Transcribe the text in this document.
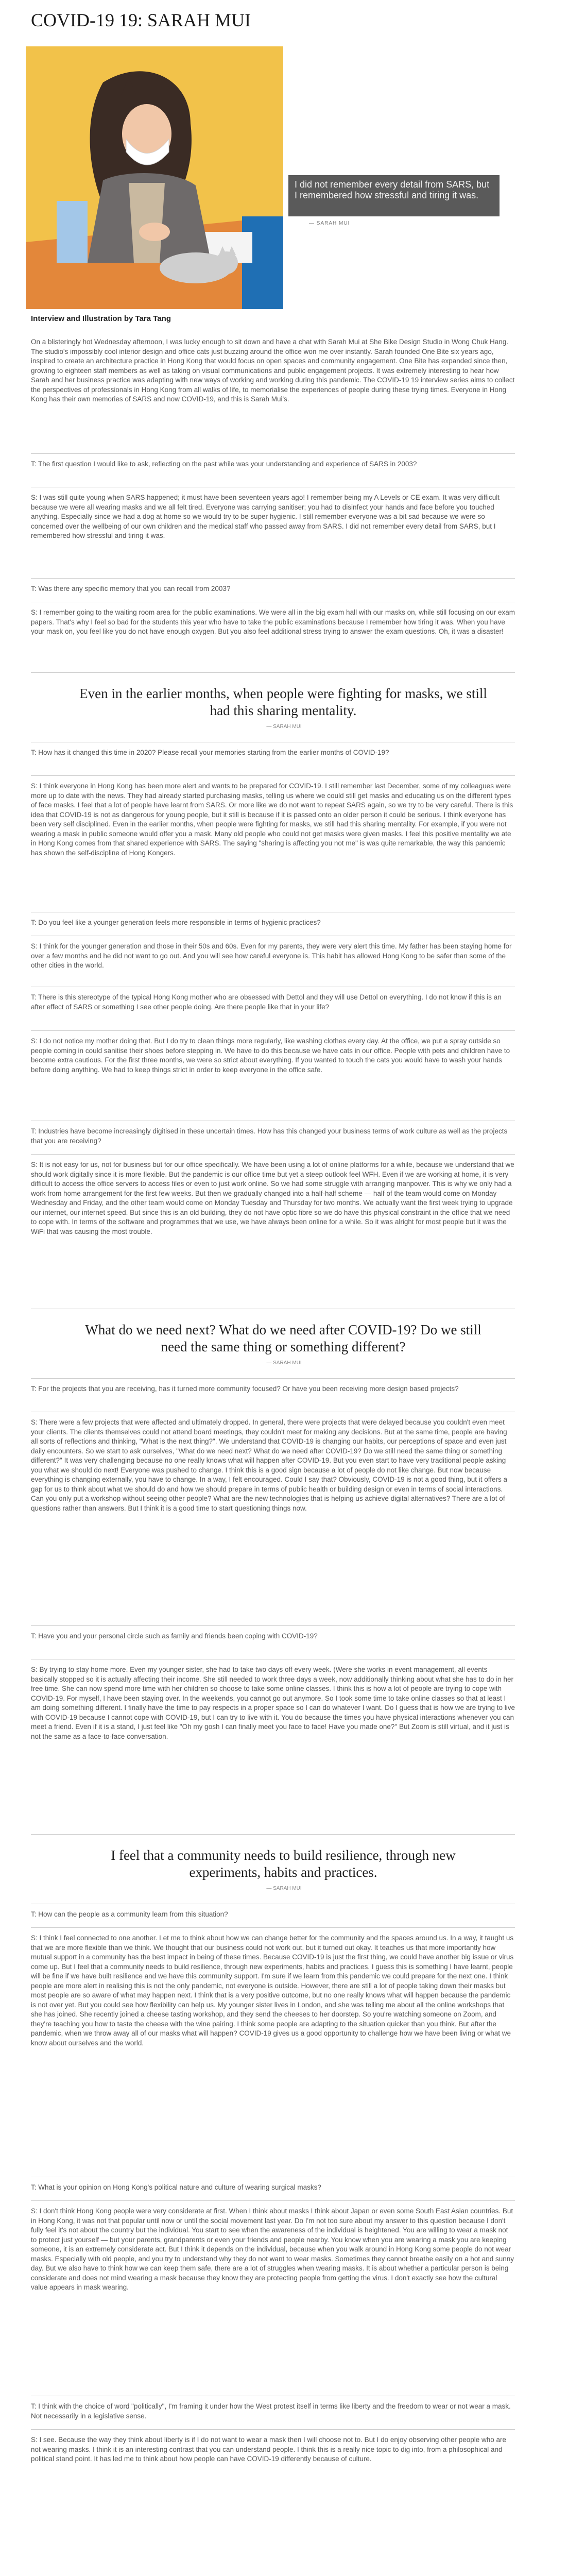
COVID-19 19: SARAH MUI
I did not remember every detail from SARS, but I remembered how stressful and tiring it was.
— SARAH MUI
Interview and Illustration by Tara Tang

On a blisteringly hot Wednesday afternoon, I was lucky enough to sit down and have a chat with Sarah Mui at She Bike Design Studio in Wong Chuk Hang. The studio's impossibly cool interior design and office cats just buzzing around the office won me over instantly. Sarah founded One Bite six years ago, inspired to create an architecture practice in Hong Kong that would focus on open spaces and community engagement. One Bite has expanded since then, growing to eighteen staff members as well as taking on visual communications and public engagement projects. It was extremely interesting to hear how Sarah and her business practice was adapting with new ways of working and working during this pandemic. The COVID-19 19 interview series aims to collect the perspectives of professionals in Hong Kong from all walks of life, to memorialise the experiences of people during these trying times. Everyone in Hong Kong has their own memories of SARS and now COVID-19, and this is Sarah Mui's.

T: The first question I would like to ask, reflecting on the past while was your understanding and experience of SARS in 2003?

S: I was still quite young when SARS happened; it must have been seventeen years ago! I remember being my A Levels or CE exam. It was very difficult because we were all wearing masks and we all felt tired. Everyone was carrying sanitiser; you had to disinfect your hands and face before you touched anything. Especially since we had a dog at home so we would try to be super hygienic. I still remember everyone was a bit sad because we were so concerned over the wellbeing of our own children and the medical staff who passed away from SARS. I did not remember every detail from SARS, but I remembered how stressful and tiring it was.

T: Was there any specific memory that you can recall from 2003?

S: I remember going to the waiting room area for the public examinations. We were all in the big exam hall with our masks on, while still focusing on our exam papers. That's why I feel so bad for the students this year who have to take the public examinations because I remember how tiring it was. When you have your mask on, you feel like you do not have enough oxygen. But you also feel additional stress trying to answer the exam questions. Oh, it was a disaster!

Even in the earlier months, when people were fighting for masks, we still had this sharing mentality.

— SARAH MUI

T: How has it changed this time in 2020? Please recall your memories starting from the earlier months of COVID-19?

S: I think everyone in Hong Kong has been more alert and wants to be prepared for COVID-19. I still remember last December, some of my colleagues were more up to date with the news. They had already started purchasing masks, telling us where we could still get masks and educating us on the different types of face masks. I feel that a lot of people have learnt from SARS. Or more like we do not want to repeat SARS again, so we try to be very careful. There is this idea that COVID-19 is not as dangerous for young people, but it still is because if it is passed onto an older person it could be serious. I think everyone has been very self disciplined. Even in the earlier months, when people were fighting for masks, we still had this sharing mentality. For example, if you were not wearing a mask in public someone would offer you a mask. Many old people who could not get masks were given masks. I feel this positive mentality we ate in Hong Kong comes from that shared experience with SARS. The saying "sharing is affecting you not me" is was quite remarkable, the way this pandemic has shown the self-discipline of Hong Kongers.

T: Do you feel like a younger generation feels more responsible in terms of hygienic practices?

S: I think for the younger generation and those in their 50s and 60s. Even for my parents, they were very alert this time. My father has been staying home for over a few months and he did not want to go out. And you will see how careful everyone is. This habit has allowed Hong Kong to be safer than some of the other cities in the world.

T: There is this stereotype of the typical Hong Kong mother who are obsessed with Dettol and they will use Dettol on everything. I do not know if this is an after effect of SARS or something I see other people doing. Are there people like that in your life?

S: I do not notice my mother doing that. But I do try to clean things more regularly, like washing clothes every day. At the office, we put a spray outside so people coming in could sanitise their shoes before stepping in. We have to do this because we have cats in our office. People with pets and children have to become extra cautious. For the first three months, we were so strict about everything. If you wanted to touch the cats you would have to wash your hands before doing anything. We had to keep things strict in order to keep everyone in the office safe.

T: Industries have become increasingly digitised in these uncertain times. How has this changed your business terms of work culture as well as the projects that you are receiving?

S: It is not easy for us, not for business but for our office specifically. We have been using a lot of online platforms for a while, because we understand that we should work digitally since it is more flexible. But the pandemic is our office time but yet a steep outlook feel WFH. Even if we are working at home, it is very difficult to access the office servers to access files or even to just work online. So we had some struggle with arranging manpower. This is why we only had a work from home arrangement for the first few weeks. But then we gradually changed into a half-half scheme — half of the team would come on Monday Wednesday and Friday, and the other team would come on Monday Tuesday and Thursday for two months. We actually want the first week trying to upgrade our internet, our internet speed. But since this is an old building, they do not have optic fibre so we do have this physical constraint in the office that we need to cope with. In terms of the software and programmes that we use, we have always been online for a while. So it was alright for most people but it was the WiFi that was causing the most trouble.

What do we need next? What do we need after COVID-19? Do we still need the same thing or something different?

— SARAH MUI

T: For the projects that you are receiving, has it turned more community focused? Or have you been receiving more design based projects?

S: There were a few projects that were affected and ultimately dropped. In general, there were projects that were delayed because you couldn't even meet your clients. The clients themselves could not attend board meetings, they couldn't meet for making any decisions. But at the same time, people are having all sorts of reflections and thinking, "What is the next thing?". We understand that COVID-19 is changing our habits, our perceptions of space and even just daily encounters. So we start to ask ourselves, "What do we need next? What do we need after COVID-19? Do we still need the same thing or something different?" It was very challenging because no one really knows what will happen after COVID-19. But you even start to have very traditional people asking you what we should do next! Everyone was pushed to change. I think this is a good sign because a lot of people do not like change. But now because everything is changing externally, you have to change. In a way, I felt encouraged. Could I say that? Obviously, COVID-19 is not a good thing, but it offers a gap for us to think about what we should do and how we should prepare in terms of public health or building design or even in terms of social interactions. Can you only put a workshop without seeing other people? What are the new technologies that is helping us achieve digital alternatives? There are a lot of questions rather than answers. But I think it is a good time to start questioning things now.

T: Have you and your personal circle such as family and friends been coping with COVID-19?

S: By trying to stay home more. Even my younger sister, she had to take two days off every week. (Were she works in event management, all events basically stopped so it is actually affecting their income. She still needed to work three days a week, now additionally thinking about what she has to do in her free time. She can now spend more time with her children so choose to take some online classes. I think this is how a lot of people are trying to cope with COVID-19. For myself, I have been staying over. In the weekends, you cannot go out anymore. So I took some time to take online classes so that at least I am doing something different. I finally have the time to pay respects in a proper space so I can do whatever I want. Do I guess that is how we are trying to live with COVID-19 because I cannot cope with COVID-19, but I can try to live with it. You do because the times you have physical interactions whenever you can meet a friend. Even if it is a stand, I just feel like "Oh my gosh I can finally meet you face to face! Have you made one?" But Zoom is still virtual, and it just is not the same as a face-to-face conversation.

I feel that a community needs to build resilience, through new experiments, habits and practices.

— SARAH MUI

T: How can the people as a community learn from this situation?

S: I think I feel connected to one another. Let me to think about how we can change better for the community and the spaces around us. In a way, it taught us that we are more flexible than we think. We thought that our business could not work out, but it turned out okay. It teaches us that more importantly how mutual support in a community has the best impact in being of these times. Because COVID-19 is just the first thing, we could have another big issue or virus come up. But I feel that a community needs to build resilience, through new experiments, habits and practices. I guess this is something I have learnt, people will be fine if we have built resilience and we have this community support. I'm sure if we learn from this pandemic we could prepare for the next one. I think people are more alert in realising this is not the only pandemic, not everyone is outside. However, there are still a lot of people taking down their masks but most people are so aware of what may happen next. I think that is a very positive outcome, but no one really knows what will happen because the pandemic is not over yet. But you could see how flexibility can help us. My younger sister lives in London, and she was telling me about all the online workshops that she has joined. She recently joined a cheese tasting workshop, and they send the cheeses to her doorstep. So you're watching someone on Zoom, and they're teaching you how to taste the cheese with the wine pairing. I think some people are adapting to the situation quicker than you think. But after the pandemic, when we throw away all of our masks what will happen? COVID-19 gives us a good opportunity to challenge how we have been living or what we know about ourselves and the world.

T: What is your opinion on Hong Kong's political nature and culture of wearing surgical masks?

S: I don't think Hong Kong people were very considerate at first. When I think about masks I think about Japan or even some South East Asian countries. But in Hong Kong, it was not that popular until now or until the social movement last year. Do I'm not too sure about my answer to this question because I don't fully feel it's not about the country but the individual. You start to see when the awareness of the individual is heightened. You are willing to wear a mask not to protect just yourself — but your parents, grandparents or even your friends and people nearby. You know when you are wearing a mask you are keeping someone, it is an extremely considerate act. But I think it depends on the individual, because when you walk around in Hong Kong some people do not wear masks. Especially with old people, and you try to understand why they do not want to wear masks. Sometimes they cannot breathe easily on a hot and sunny day. But we also have to think how we can keep them safe, there are a lot of struggles when wearing masks. It is about whether a particular person is being considerate and does not mind wearing a mask because they know they are protecting people from getting the virus. I don't exactly see how the cultural value appears in mask wearing.

T: I think with the choice of word "politically", I'm framing it under how the West protest itself in terms like liberty and the freedom to wear or not wear a mask. Not necessarily in a legislative sense.

S: I see. Because the way they think about liberty is if I do not want to wear a mask then I will choose not to. But I do enjoy observing other people who are not wearing masks. I think it is an interesting contrast that you can understand people. I think this is a really nice topic to dig into, from a philosophical and political stand point. It has led me to think about how people can have COVID-19 differently because of culture.
